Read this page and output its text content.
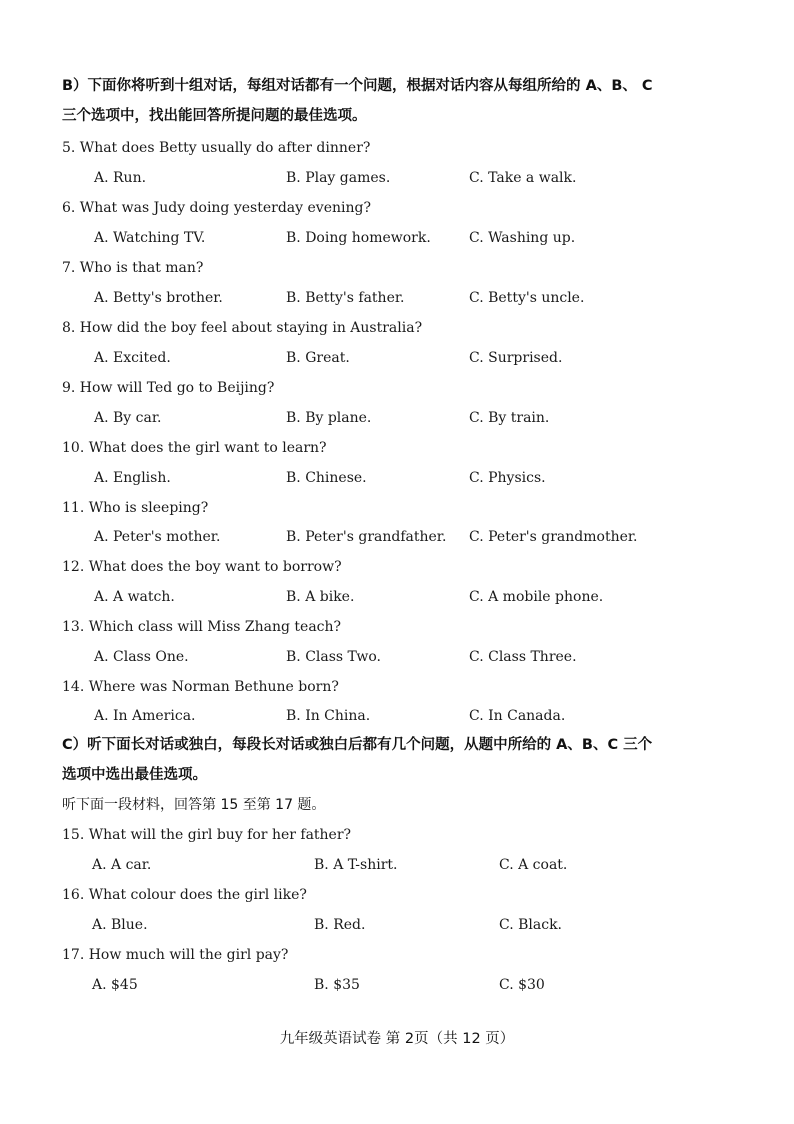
B）下面你将听到十组对话，每组对话都有一个问题，根据对话内容从每组所给的 A、B、 C
三个选项中，找出能回答所提问题的最佳选项。
5. What does Betty usually do after dinner?
A. Run.	B. Play games.	C. Take a walk.
6. What was Judy doing yesterday evening?
A. Watching TV.	B. Doing homework.	C. Washing up.
7. Who is that man?
A. Betty's brother.	B. Betty's father.	C. Betty's uncle.
8. How did the boy feel about staying in Australia?
A. Excited.	B. Great.	C. Surprised.
9. How will Ted go to Beijing?
A. By car.	B. By plane.	C. By train.
10. What does the girl want to learn?
A. English.	B. Chinese.	C. Physics.
11. Who is sleeping?
A. Peter's mother.	B. Peter's grandfather. C. Peter's grandmother.
12. What does the boy want to borrow?
A. A watch.	B. A bike.	C. A mobile phone.
13. Which class will Miss Zhang teach?
A. Class One.	B. Class Two.	C. Class Three.
14. Where was Norman Bethune born?
A. In America.	B. In China.	C. In Canada.
C）听下面长对话或独白，每段长对话或独白后都有几个问题，从题中所给的 A、B、C 三个
选项中选出最佳选项。
听下面一段材料，回答第 15 至第 17 题。
15. What will the girl buy for her father?
A. A car.	B. A T-shirt.	C. A coat.
16. What colour does the girl like?
A. Blue.	B. Red.	C. Black.
17. How much will the girl pay?
A. $45	B. $35	C. $30
九年级英语试卷 第 2页（共 12 页）
